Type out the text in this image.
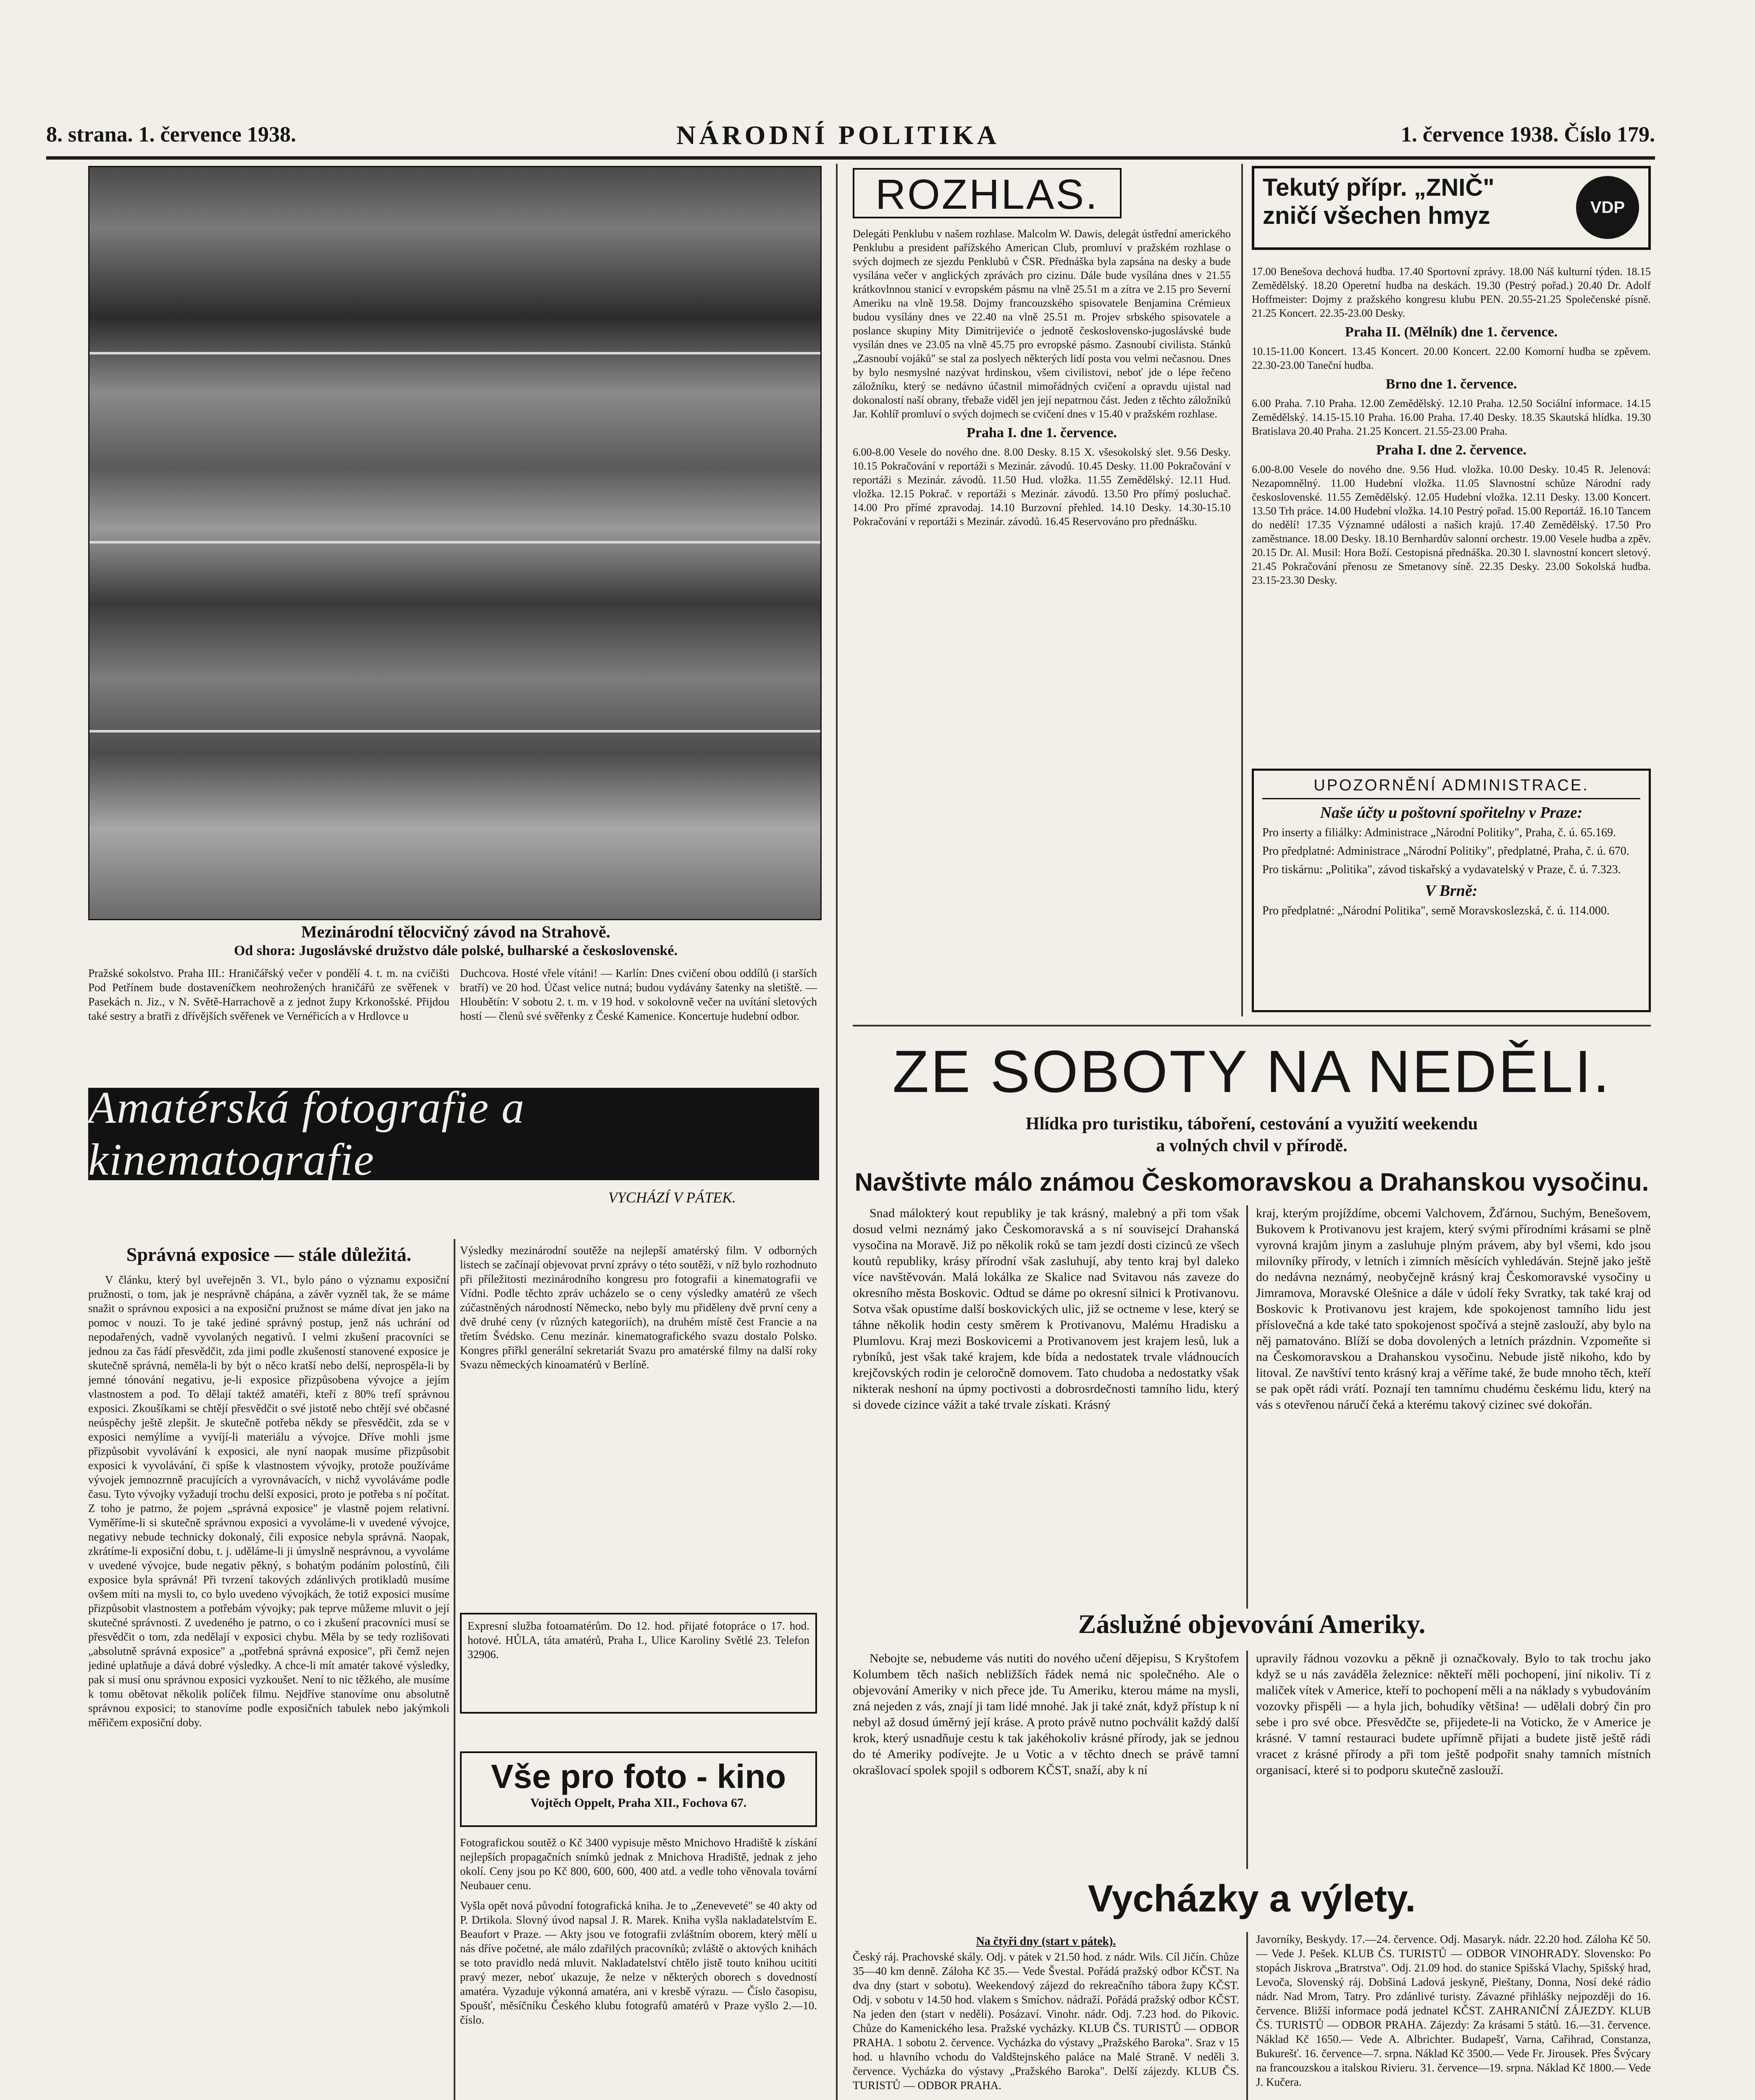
8. strana. 1. července 1938.	NÁRODNÍ POLITIKA	1. července 1938. Číslo 179.
Mezinárodní tělocvičný závod na Strahově.
Od shora: Jugoslávské družstvo dále polské, bulharské a československé.
Pražské sokolstvo. Praha III.: Hraničářský večer v pondělí 4. t. m. na cvičišti Pod Petřínem bude dostaveníčkem neohrožených hraničářů ze svěřenek v Pasekách n. Jiz., v N. Světě-Harrachově a z jednot župy Krkonošské. Přijdou také sestry a bratři z dřívějších svěřenek ve Vernéřicích a v Hrdlovce u
Duchcova. Hosté vřele vítáni! — Karlín: Dnes cvičení obou oddílů (i starších bratří) ve 20 hod. Účast velice nutná; budou vydávány šatenky na sletiště. — Hloubětín: V sobotu 2. t. m. v 19 hod. v sokolovně večer na uvítání sletových hostí — členů své svěřenky z České Kamenice. Koncertuje hudební odbor.
Amatérská fotografie a kinematografie
VYCHÁZÍ V PÁTEK.
Správná exposice — stále důležitá.
V článku, který byl uveřejněn 3. VI., bylo páno o významu exposiční pružnosti, o tom, jak je nesprávně chápána, a závěr vyzněl tak, že se máme snažit o správnou exposici a na exposiční pružnost se máme dívat jen jako na pomoc v nouzi. To je také jediné správný postup, jenž nás uchrání od nepodařených, vadně vyvolaných negativů. I velmi zkušení pracovníci se jednou za čas řádí přesvědčit, zda jimi podle zkušeností stanovené exposice je skutečně správná, neměla-li by být o něco kratší nebo delší, neprospěla-li by jemné tónování negativu, je-li exposice přizpůsobena vývojce a jejím vlastnostem a pod. To dělají taktéž amatéři, kteří z 80% trefí správnou exposici. Zkoušíkami se chtějí přesvědčit o své jistotě nebo chtějí své občasné neúspěchy ještě zlepšit. Je skutečně potřeba někdy se přesvědčit, zda se v exposici nemýlíme a vyvíjí-li materiálu a vývojce. Dříve mohli jsme přizpůsobit vyvolávání k exposici, ale nyní naopak musíme přizpůsobit exposici k vyvolávání, či spíše k vlastnostem vývojky, protože používáme vývojek jemnozrnně pracujících a vyrovnávacích, v nichž vyvoláváme podle času. Tyto vývojky vyžadují trochu delší exposici, proto je potřeba s ní počítat. Z toho je patrno, že pojem „správná exposice" je vlastně pojem relativní. Vyměříme-li si skutečně správnou exposici a vyvoláme-li v uvedené vývojce, negativy nebude technicky dokonalý, čili exposice nebyla správná. Naopak, zkrátíme-li exposiční dobu, t. j. uděláme-li ji úmyslně nesprávnou, a vyvoláme v uvedené vývojce, bude negativ pěkný, s bohatým podáním polostínů, čili exposice byla správná! Při tvrzení takových zdánlivých protikladů musíme ovšem míti na mysli to, co bylo uvedeno vývojkách, že totiž exposici musíme přizpůsobit vlastnostem a potřebám vývojky; pak teprve můžeme mluvit o její skutečné správnosti. Z uvedeného je patrno, o co i zkušení pracovníci musí se přesvědčit o tom, zda nedělají v exposici chybu. Měla by se tedy rozlišovati „absolutně správná exposice" a „potřebná správná exposice", při čemž nejen jediné uplatňuje a dává dobré výsledky. A chce-li mít amatér takové výsledky, pak si musí onu správnou exposici vyzkoušet. Není to nic těžkého, ale musíme k tomu obětovat několik políček filmu. Nejdříve stanovíme onu absolutně správnou exposici; to stanovíme podle exposičních tabulek nebo jakýmkoli měřičem exposiční doby.
Výsledky mezinárodní soutěže na nejlepší amatérský film. V odborných listech se začínají objevovat první zprávy o této soutěži, v níž bylo rozhodnuto při příležitosti mezinárodního kongresu pro fotografii a kinematografii ve Vídni. Podle těchto zpráv ucházelo se o ceny výsledky amatérů ze všech zúčastněných národností Německo, nebo byly mu přiděleny dvě první ceny a dvě druhé ceny (v různých kategoriích), na druhém místě čest Francie a na třetím Švédsko. Cenu mezinár. kinematografického svazu dostalo Polsko. Kongres přiřkl generální sekretariát Svazu pro amatérské filmy na další roky Svazu německých kinoamatérů v Berlíně.
Expresní služba fotoamatérům. Do 12. hod. přijaté fotopráce o 17. hod. hotové. HŮLA, táta amatérů, Praha I., Ulice Karoliny Světlé 23. Telefon 32906.
Vše pro foto - kino
Vojtěch Oppelt, Praha XII., Fochova 67.
Fotografickou soutěž o Kč 3400 vypisuje město Mnichovo Hradiště k získání nejlepších propagačních snímků jednak z Mnichova Hradiště, jednak z jeho okolí. Ceny jsou po Kč 800, 600, 600, 400 atd. a vedle toho věnovala tovární Neubauer cenu.
Vyšla opět nová původní fotografická kniha. Je to „Zeneveveté" se 40 akty od P. Drtikola. Slovný úvod napsal J. R. Marek. Kniha vyšla nakladatelstvím E. Beaufort v Praze. — Akty jsou ve fotografii zvláštním oborem, který mělí u nás dříve početné, ale málo zdařilých pracovníků; zvláště o aktových knihách se toto pravidlo nedá mluvit. Nakladatelství chtělo jistě touto knihou ucititi pravý mezer, neboť ukazuje, že nelze v některých oborech s dovedností amatéra. Vyzaduje výkonná amatéra, ani v kresbě výrazu. — Číslo časopisu, Spoušť, měsíčníku Českého klubu fotografů amatérů v Praze vyšlo 2.—10. číslo.
ROZHLAS.
Delegáti Penklubu v našem rozhlase. Malcolm W. Dawis, delegát ústřední amerického Penklubu a president pařížského American Club, promluví v pražském rozhlase o svých dojmech ze sjezdu Penklubů v ČSR. Přednáška byla zapsána na desky a bude vysílána večer v anglických zprávách pro cizinu. Dále bude vysílána dnes v 21.55 krátkovlnnou stanicí v evropském pásmu na vlně 25.51 m a zítra ve 2.15 pro Severní Ameriku na vlně 19.58. Dojmy francouzského spisovatele Benjamina Crémieux budou vysílány dnes ve 22.40 na vlně 25.51 m. Projev srbského spisovatele a poslance skupiny Mity Dimitrijeviće o jednotě československo-jugoslávské bude vysílán dnes ve 23.05 na vlně 45.75 pro evropské pásmo. Zasnoubí civilista. Stánků „Zasnoubí vojáků" se stal za poslyech některých lidí posta vou velmi nečasnou. Dnes by bylo nesmyslné nazývat hrdinskou, všem civilistovi, neboť jde o lépe řečeno záložníku, který se nedávno účastnil mimořádných cvičení a opravdu ujistal nad dokonalostí naší obrany, třebaže viděl jen její nepatrnou část. Jeden z těchto záložníků Jar. Kohlíř promluví o svých dojmech se cvičení dnes v 15.40 v pražském rozhlase.
Praha I. dne 1. července.
6.00-8.00 Vesele do nového dne. 8.00 Desky. 8.15 X. všesokolský slet. 9.56 Desky. 10.15 Pokračování v reportáži s Mezinár. závodů. 10.45 Desky. 11.00 Pokračování v reportáži s Mezinár. závodů. 11.50 Hud. vložka. 11.55 Zemědělský. 12.11 Hud. vložka. 12.15 Pokrač. v reportáži s Mezinár. závodů. 13.50 Pro přímý posluchač. 14.00 Pro přímé zpravodaj. 14.10 Burzovní přehled. 14.10 Desky. 14.30-15.10 Pokračování v reportáži s Mezinár. závodů. 16.45 Reservováno pro přednášku.
Tekutý přípr. „ZNIČ"
zničí všechen hmyz	VDP
17.00 Benešova dechová hudba. 17.40 Sportovní zprávy. 18.00 Náš kulturní týden. 18.15 Zemědělský. 18.20 Operetní hudba na deskách. 19.30 (Pestrý pořad.) 20.40 Dr. Adolf Hoffmeister: Dojmy z pražského kongresu klubu PEN. 20.55-21.25 Společenské písně. 21.25 Koncert. 22.35-23.00 Desky.
Praha II. (Mělník) dne 1. července.
10.15-11.00 Koncert. 13.45 Koncert. 20.00 Koncert. 22.00 Komorní hudba se zpěvem. 22.30-23.00 Taneční hudba.
Brno dne 1. července.
6.00 Praha. 7.10 Praha. 12.00 Zemědělský. 12.10 Praha. 12.50 Sociální informace. 14.15 Zemědělský. 14.15-15.10 Praha. 16.00 Praha. 17.40 Desky. 18.35 Skautská hlídka. 19.30 Bratislava 20.40 Praha. 21.25 Koncert. 21.55-23.00 Praha.
Praha I. dne 2. července.
6.00-8.00 Vesele do nového dne. 9.56 Hud. vložka. 10.00 Desky. 10.45 R. Jelenová: Nezapomnělný. 11.00 Hudební vložka. 11.05 Slavnostní schůze Národní rady československé. 11.55 Zemědělský. 12.05 Hudební vložka. 12.11 Desky. 13.00 Koncert. 13.50 Trh práce. 14.00 Hudební vložka. 14.10 Pestrý pořad. 15.00 Reportáž. 16.10 Tancem do nedělí! 17.35 Významné události a našich krajů. 17.40 Zemědělský. 17.50 Pro zaměstnance. 18.00 Desky. 18.10 Bernhardův salonní orchestr. 19.00 Vesele hudba a zpěv. 20.15 Dr. Al. Musil: Hora Boží. Cestopisná přednáška. 20.30 I. slavnostní koncert sletový. 21.45 Pokračování přenosu ze Smetanovy síně. 22.35 Desky. 23.00 Sokolská hudba. 23.15-23.30 Desky.
UPOZORNĚNÍ ADMINISTRACE.
Naše účty u poštovní spořitelny v Praze:
Pro inserty a filiálky: Administrace „Národní Politiky", Praha, č. ú. 65.169.
Pro předplatné: Administrace „Národní Politiky", předplatné, Praha, č. ú. 670.
Pro tiskárnu: „Politika", závod tiskařský a vydavatelský v Praze, č. ú. 7.323.
V Brně:
Pro předplatné: „Národní Politika", semě Moravskoslezská, č. ú. 114.000.
ZE SOBOTY NA NEDĚLI.
Hlídka pro turistiku, táboření, cestování a využití weekendu
a volných chvil v přírodě.
Navštivte málo známou Českomoravskou a Drahanskou vysočinu.
Snad málokterý kout republiky je tak krásný, malebný a při tom však dosud velmi neznámý jako Českomoravská a s ní souvisejcí Drahanská vysočina na Moravě. Již po několik roků se tam jezdí dosti cizinců ze všech koutů republiky, krásy přírodní však zasluhují, aby tento kraj byl daleko více navštěvován. Malá lokálka ze Skalice nad Svitavou nás zaveze do okresního města Boskovic. Odtud se dáme po okresní silnici k Protivanovu. Sotva však opustíme další boskovických ulic, již se octneme v lese, který se táhne několik hodin cesty směrem k Protivanovu, Malému Hradisku a Plumlovu. Kraj mezi Boskovicemi a Protivanovem jest krajem lesů, luk a rybníků, jest však také krajem, kde bída a nedostatek trvale vládnoucích krejčovských rodin je celoročně domovem. Tato chudoba a nedostatky však nikterak neshoní na úpmy poctivosti a dobrosrdečnosti tamního lidu, který si dovede cizince vážit a také trvale získati. Krásný
kraj, kterým projíždíme, obcemi Valchovem, Žďárnou, Suchým, Benešovem, Bukovem k Protivanovu jest krajem, který svými přírodními krásami se plně vyrovná krajům jinym a zasluhuje plným právem, aby byl všemi, kdo jsou milovníky přírody, v letních i zimních měsících vyhledáván. Stejně jako ještě do nedávna neznámý, neobyčejně krásný kraj Českomoravské vysočiny u Jimramova, Moravské Olešnice a dále v údolí řeky Svratky, tak také kraj od Boskovic k Protivanovu jest krajem, kde spokojenost tamního lidu jest příslovečná a kde také tato spokojenost spočívá a stejně zaslouží, aby bylo na něj pamatováno. Blíží se doba dovolených a letních prázdnin. Vzpomeňte si na Českomoravskou a Drahanskou vysočinu. Nebude jistě nikoho, kdo by litoval. Ze navštíví tento krásný kraj a věříme také, že bude mnoho těch, kteří se pak opět rádi vrátí. Poznají ten tamnímu chudému českému lidu, který na vás s otevřenou náručí čeká a kterému takový cizinec své dokořán.
Záslužné objevování Ameriky.
Nebojte se, nebudeme vás nutiti do nového učení dějepisu, S Kryštofem Kolumbem těch našich nebližších řádek nemá nic společného. Ale o objevování Ameriky v nich přece jde. Tu Ameriku, kterou máme na mysli, zná nejeden z vás, znají ji tam lidé mnohé. Jak ji také znát, když přístup k ní nebyl až dosud úměrný její kráse. A proto právě nutno pochválit každý další krok, který usnadňuje cestu k tak jakéhokoliv krásné přírody, jak se jednou do té Ameriky podívejte. Je u Votic a v těchto dnech se právě tamní okrašlovací spolek spojil s odborem KČST, snaží, aby k ní
upravily řádnou vozovku a pěkně ji označkovaly. Bylo to tak trochu jako když se u nás zaváděla železnice: někteří měli pochopení, jiní nikoliv. Tí z maliček vítek v Americe, kteří to pochopení měli a na náklady s vybudováním vozovky přispěli — a hyla jich, bohudíky většina! — udělali dobrý čin pro sebe i pro své obce. Přesvědčte se, přijedete-li na Voticko, že v Americe je krásné. V tamní restauraci budete upřímně přijati a budete jistě ještě rádi vracet z krásné přírody a při tom ještě podpořit snahy tamních místních organisací, které si to podporu skutečně zaslouží.
Vycházky a výlety.
Na čtyři dny (start v pátek).
Český ráj. Prachovské skály. Odj. v pátek v 21.50 hod. z nádr. Wils. Cíl Jičín. Chůze 35—40 km denně. Záloha Kč 35.— Vede Švestal. Pořádá pražský odbor KČST. Na dva dny (start v sobotu). Weekendový zájezd do rekreačního tábora župy KČST. Odj. v sobotu v 14.50 hod. vlakem s Smíchov. nádraží. Pořádá pražský odbor KČST. Na jeden den (start v neděli). Posázaví. Vinohr. nádr. Odj. 7.23 hod. do Pikovic. Chůze do Kamenického lesa. Pražské vycházky. KLUB ČS. TURISTŮ — ODBOR PRAHA. 1 sobotu 2. července. Vycházka do výstavy „Pražského Baroka". Sraz v 15 hod. u hlavního vchodu do Valdštejnského paláce na Malé Straně. V neděli 3. července. Vycházka do výstavy „Pražského Baroka". Delší zájezdy. KLUB ČS. TURISTŮ — ODBOR PRAHA.
Javorníky, Beskydy. 17.—24. července. Odj. Masaryk. nádr. 22.20 hod. Záloha Kč 50.— Vede J. Pešek. KLUB ČS. TURISTŮ — ODBOR VINOHRADY. Slovensko: Po stopách Jiskrova „Bratrstva". Odj. 21.09 hod. do stanice Spišská Vlachy, Spišský hrad, Levoča, Slovenský ráj. Dobšiná Ladová jeskyně, Pieštany, Donna, Nosí deké rádio nádr. Nad Mrom, Tatry. Pro zdánlivé turisty. Závazné přihlášky nejpozději do 16. července. Bližší informace podá jednatel KČST. ZAHRANIČNÍ ZÁJEZDY. KLUB ČS. TURISTŮ — ODBOR PRAHA. Zájezdy: Za krásami 5 států. 16.—31. července. Náklad Kč 1650.— Vede A. Albrichter. Budapešť, Varna, Cařihrad, Constanza, Bukurešť. 16. července—7. srpna. Náklad Kč 3500.— Vede Fr. Jirousek. Přes Švýcary na francouzskou a italskou Rivieru. 31. července—19. srpna. Náklad Kč 1800.— Vede J. Kučera.
